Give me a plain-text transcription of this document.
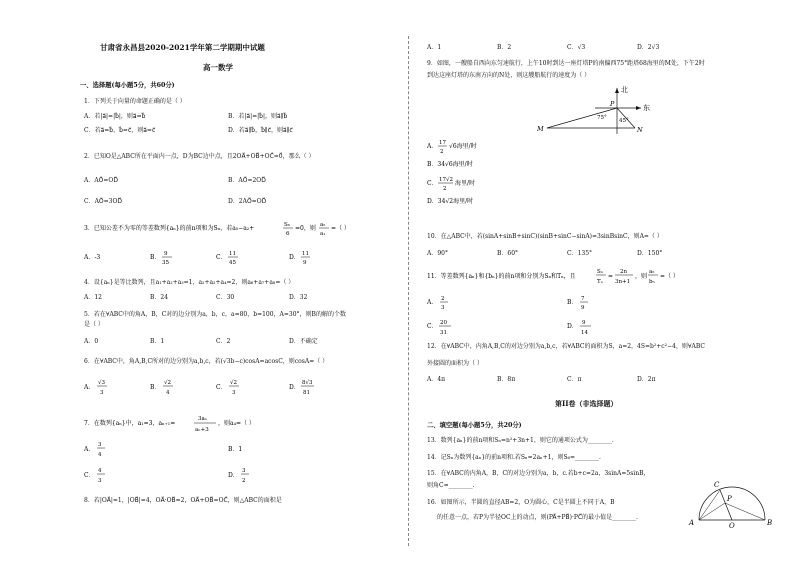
甘肃省永昌县2020-2021学年第二学期期中试题
高一数学
一、选择题(每小题5分，共60分)
1．下列关于向量的命题正确的是（ ）
A．若|a⃗|=|b⃗|，则a⃗=b⃗	B．若|a⃗|=|b⃗|，则a⃗∥b⃗
C．若a⃗=b⃗，b⃗=c⃗，则a⃗=c⃗	D．若a⃗∥b⃗，b⃗∥c⃗，则a⃗∥c⃗
2．已知O是△ABC所在平面内一点，D为BC边中点，且2OA⃗+OB⃗+OC⃗=0⃗，那么（ ）
A．AO⃗=OD⃗	B．AO⃗=2OD⃗
C．AO⃗=3OD⃗	D．2AO⃗=OD⃗
3．已知公差不为零的等差数列{aₙ}的前n项和为Sₙ，若a₅−a₂+	S₆
6
=0，则 a₅
a₁
=（ ）
A．-3	B． 9
35
C． 11
45
D． 11
9
4．设{aₙ}是等比数列，且a₁+a₂+a₃=1，a₂+a₃+a₄=2，则a₆+a₇+a₈=（ ）
A．12	B．24	C．30	D．32
5．若在∀ABC中的角A，B，C对的边分别为a，b，c，a=80，b=100，A=30°，则B的解的个数
是（ ）
A．0	B．1	C．2	D．不确定
6．在∀ABC中，角A,B,C所对的边分别为a,b,c，若(√3b−c)cosA=acosC，则cosA=（ ）
A．
√3
3
B．
√2
4
C．
√2
3
D．
8√3
81
7．在数列{aₙ}中，a₁=3，aₙ₊₁=
3aₙ
aₙ+3
，则a₄=（ ）
A．
3
4
B．1
C．
4
3
D．
3
2
8．若|OA⃗|=1，|OB⃗|=4，OA⃗·OB⃗=2，OA⃗+OB⃗=OC⃗，则△ABC的面积是
A．1	B．2	C．√3	D．2√3
9．如图，一艘船自西向东匀速航行，上午10时到达一座灯塔P的南偏西75°距塔68海里的M处，下午2时
到达这座灯塔的东南方向的N处，则这艘船航行的速度为（ ）
北
东
P
M	N
75° 45°
A． 17
2
√6海里/时
B．34√6海里/时
C． 17√2
2
海里/时
D．34√2海里/时
10．在△ABC中，若(sinA+sinB+sinC)(sinB+sinC−sinA)=3sinBsinC，则A=（ ）
A．90°	B．60°	C．135°	D．150°
11．等差数列{aₙ}和{bₙ}的前n项和分别为Sₙ和Tₙ，且
Sₙ
Tₙ
=
2n
3n+1
，则
a₅
b₅
=（ ）
A． 2
3
B． 7
9
C． 20
31
D． 9
14
12．在∀ABC中，内角A,B,C的对边分别为a,b,c，若∀ABC的面积为S，a=2，4S=b²+c²−4，则∀ABC
外接圆的面积为（ ）
A．4π	B．8π	C．π	D．2π
第II卷（非选择题）
二、填空题(每小题5分，共20分)
13．数列{aₙ}的前n项和Sₙ=n²+3n+1，则它的通项公式为________.
14．记Sₙ为数列{aₙ}的前n项和.若Sₙ=2aₙ+1，则S₆=________.
15．在∀ABC的内角A，B，C的对边分别为a，b，c.若b+c=2a，3sinA=5sinB，
则角C=________.
16．如图所示，半圆的直径AB=2，O为圆心，C是半圆上不同于A，B
的任意一点，若P为半径OC上的动点，则(PA⃗+PB⃗)·PC⃗的最小值是________.
A	B
C
O
P
